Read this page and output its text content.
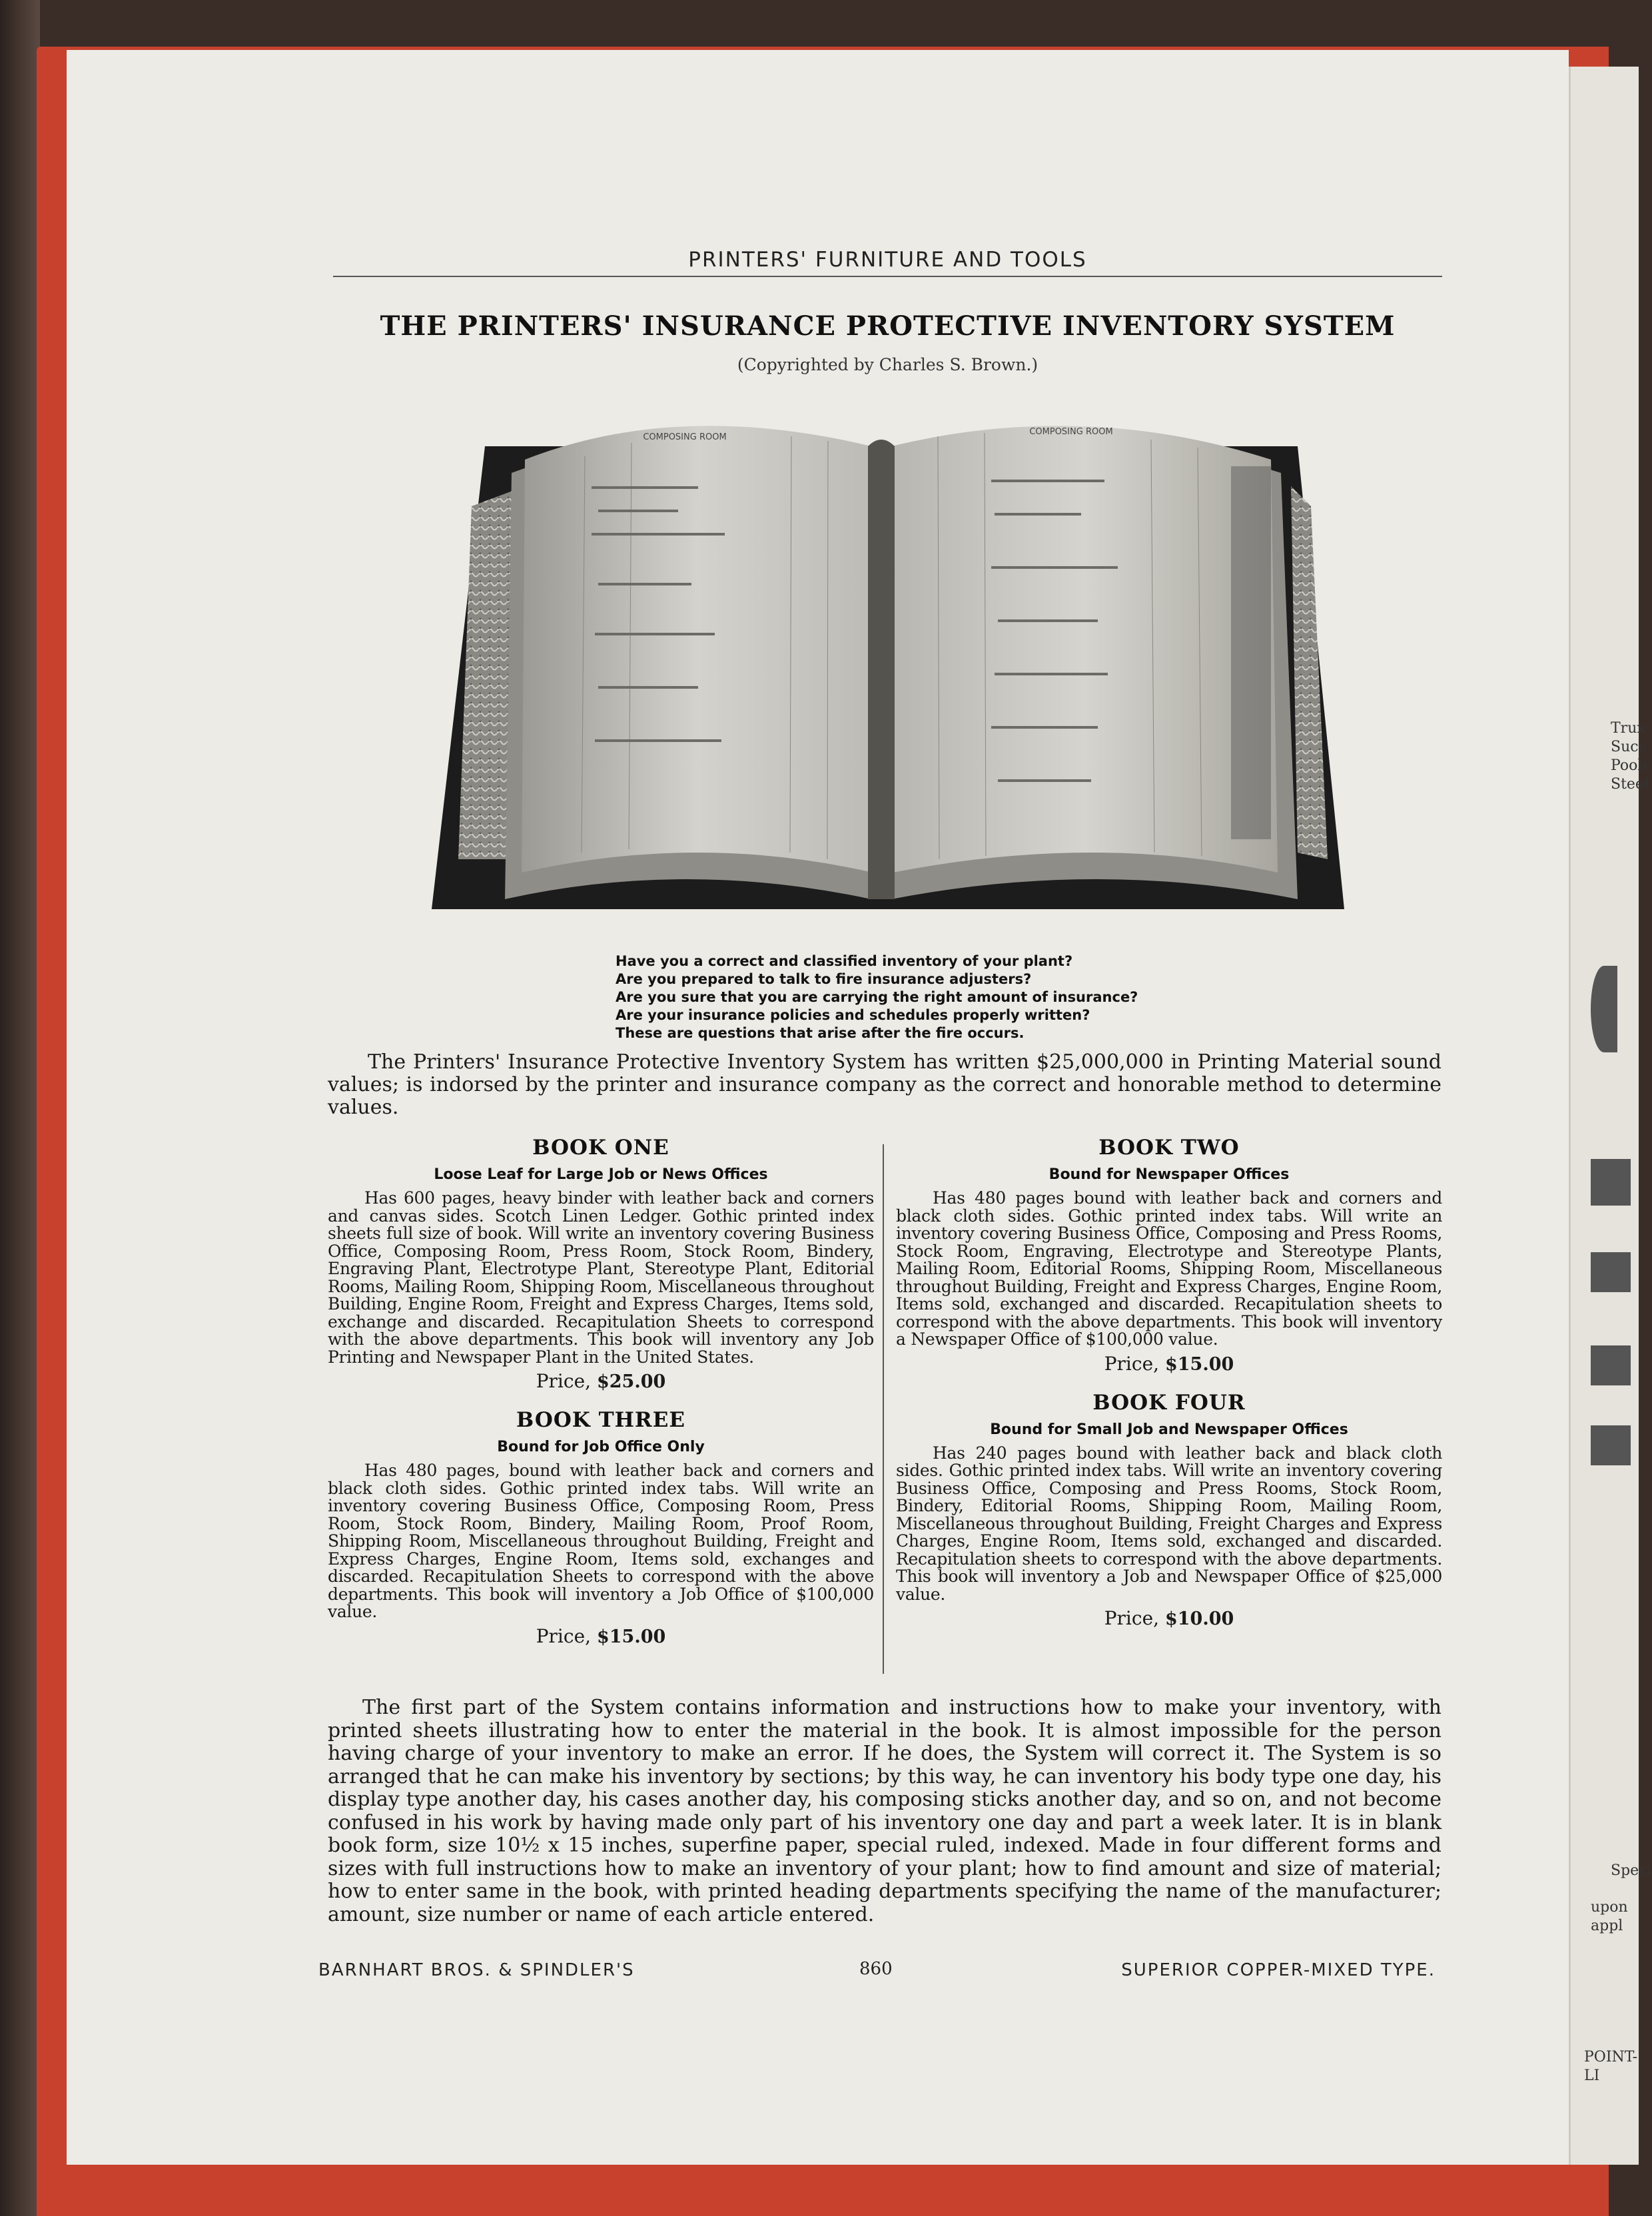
Trux
Succ
Poole
Steel
Speci
upon appl
POINT-LI
PRINTERS' FURNITURE AND TOOLS
THE PRINTERS' INSURANCE PROTECTIVE INVENTORY SYSTEM
(Copyrighted by Charles S. Brown.)
COMPOSING ROOM
COMPOSING ROOM
Have you a correct and classified inventory of your plant?
Are you prepared to talk to fire insurance adjusters?
Are you sure that you are carrying the right amount of insurance?
Are your insurance policies and schedules properly written?
These are questions that arise after the fire occurs.
The Printers' Insurance Protective Inventory System has written $25,000,000 in Printing Material sound values; is indorsed by the printer and insurance company as the correct and honorable method to determine values.
BOOK ONE
Loose Leaf for Large Job or News Offices
Has 600 pages, heavy binder with leather back and corners and canvas sides. Scotch Linen Ledger. Gothic printed index sheets full size of book. Will write an inventory covering Business Office, Composing Room, Press Room, Stock Room, Bindery, Engraving Plant, Electrotype Plant, Stereotype Plant, Editorial Rooms, Mailing Room, Shipping Room, Miscellaneous throughout Building, Engine Room, Freight and Express Charges, Items sold, exchange and discarded. Recapitulation Sheets to correspond with the above departments. This book will inventory any Job Printing and Newspaper Plant in the United States.
Price, $25.00
BOOK THREE
Bound for Job Office Only
Has 480 pages, bound with leather back and corners and black cloth sides. Gothic printed index tabs. Will write an inventory covering Business Office, Composing Room, Press Room, Stock Room, Bindery, Mailing Room, Proof Room, Shipping Room, Miscellaneous throughout Building, Freight and Express Charges, Engine Room, Items sold, exchanges and discarded. Recapitulation Sheets to correspond with the above departments. This book will inventory a Job Office of $100,000 value.
Price, $15.00
BOOK TWO
Bound for Newspaper Offices
Has 480 pages bound with leather back and corners and black cloth sides. Gothic printed index tabs. Will write an inventory covering Business Office, Composing and Press Rooms, Stock Room, Engraving, Electrotype and Stereotype Plants, Mailing Room, Editorial Rooms, Shipping Room, Miscellaneous throughout Building, Freight and Express Charges, Engine Room, Items sold, exchanged and discarded. Recapitulation sheets to correspond with the above departments. This book will inventory a Newspaper Office of $100,000 value.
Price, $15.00
BOOK FOUR
Bound for Small Job and Newspaper Offices
Has 240 pages bound with leather back and black cloth sides. Gothic printed index tabs. Will write an inventory covering Business Office, Composing and Press Rooms, Stock Room, Bindery, Editorial Rooms, Shipping Room, Mailing Room, Miscellaneous throughout Building, Freight Charges and Express Charges, Engine Room, Items sold, exchanged and discarded. Recapitulation sheets to correspond with the above departments. This book will inventory a Job and Newspaper Office of $25,000 value.
Price, $10.00
The first part of the System contains information and instructions how to make your inventory, with printed sheets illustrating how to enter the material in the book. It is almost impossible for the person having charge of your inventory to make an error. If he does, the System will correct it. The System is so arranged that he can make his inventory by sections; by this way, he can inventory his body type one day, his display type another day, his cases another day, his composing sticks another day, and so on, and not become confused in his work by having made only part of his inventory one day and part a week later. It is in blank book form, size 10½ x 15 inches, superfine paper, special ruled, indexed. Made in four different forms and sizes with full instructions how to make an inventory of your plant; how to find amount and size of material; how to enter same in the book, with printed heading departments specifying the name of the manufacturer; amount, size number or name of each article entered.
BARNHART BROS. & SPINDLER'S	860	SUPERIOR COPPER-MIXED TYPE.
